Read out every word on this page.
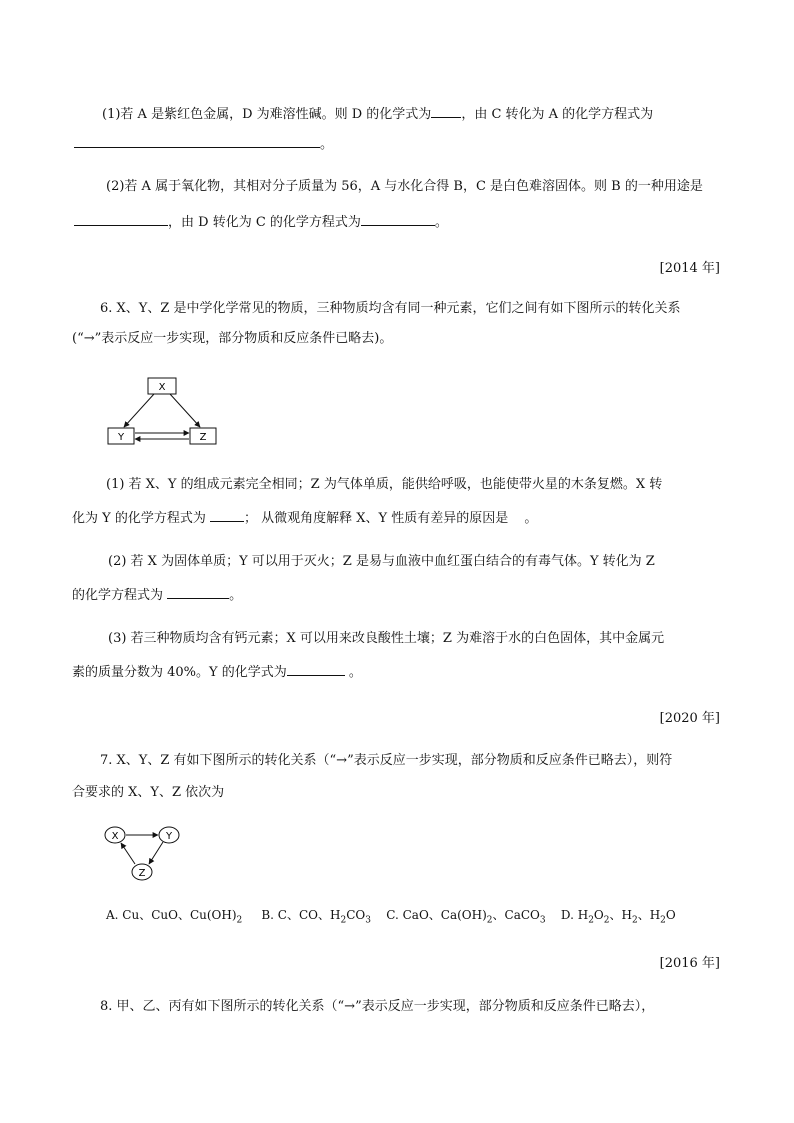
(1)若 A 是紫红色金属，D 为难溶性碱。则 D 的化学式为 ，由 C 转化为 A 的化学方程式为
。
(2)若 A 属于氧化物，其相对分子质量为 56，A 与水化合得 B，C 是白色难溶固体。则 B 的一种用途是
，由 D 转化为 C 的化学方程式为	。
[2014 年]
6. X、Y、Z 是中学化学常见的物质，三种物质均含有同一种元素，它们之间有如下图所示的转化关系
(“→”表示反应一步实现，部分物质和反应条件已略去)。
X
Y	Z
(1) 若 X、Y 的组成元素完全相同；Z 为气体单质，能供给呼吸，也能使带火星的木条复燃。X 转
化为 Y 的化学方程式为	； 从微观角度解释 X、Y 性质有差异的原因是 。
(2) 若 X 为固体单质；Y 可以用于灭火；Z 是易与血液中血红蛋白结合的有毒气体。Y 转化为 Z
的化学方程式为	。
(3) 若三种物质均含有钙元素；X 可以用来改良酸性土壤；Z 为难溶于水的白色固体，其中金属元
素的质量分数为 40%。Y 的化学式为	。
[2020 年]
7. X、Y、Z 有如下图所示的转化关系（“→”表示反应一步实现，部分物质和反应条件已略去），则符
合要求的 X、Y、Z 依次为
X	Y
Z
A. Cu、CuO、$Cu(OH)_2$ B. C、CO、$H_2CO_3$ C. CaO、$Ca(OH)_2$、CaCO$_3$ D. $H_2O_2$、$H_2$、$H_2O$
[2016 年]
8. 甲、乙、丙有如下图所示的转化关系（“→”表示反应一步实现，部分物质和反应条件已略去），
